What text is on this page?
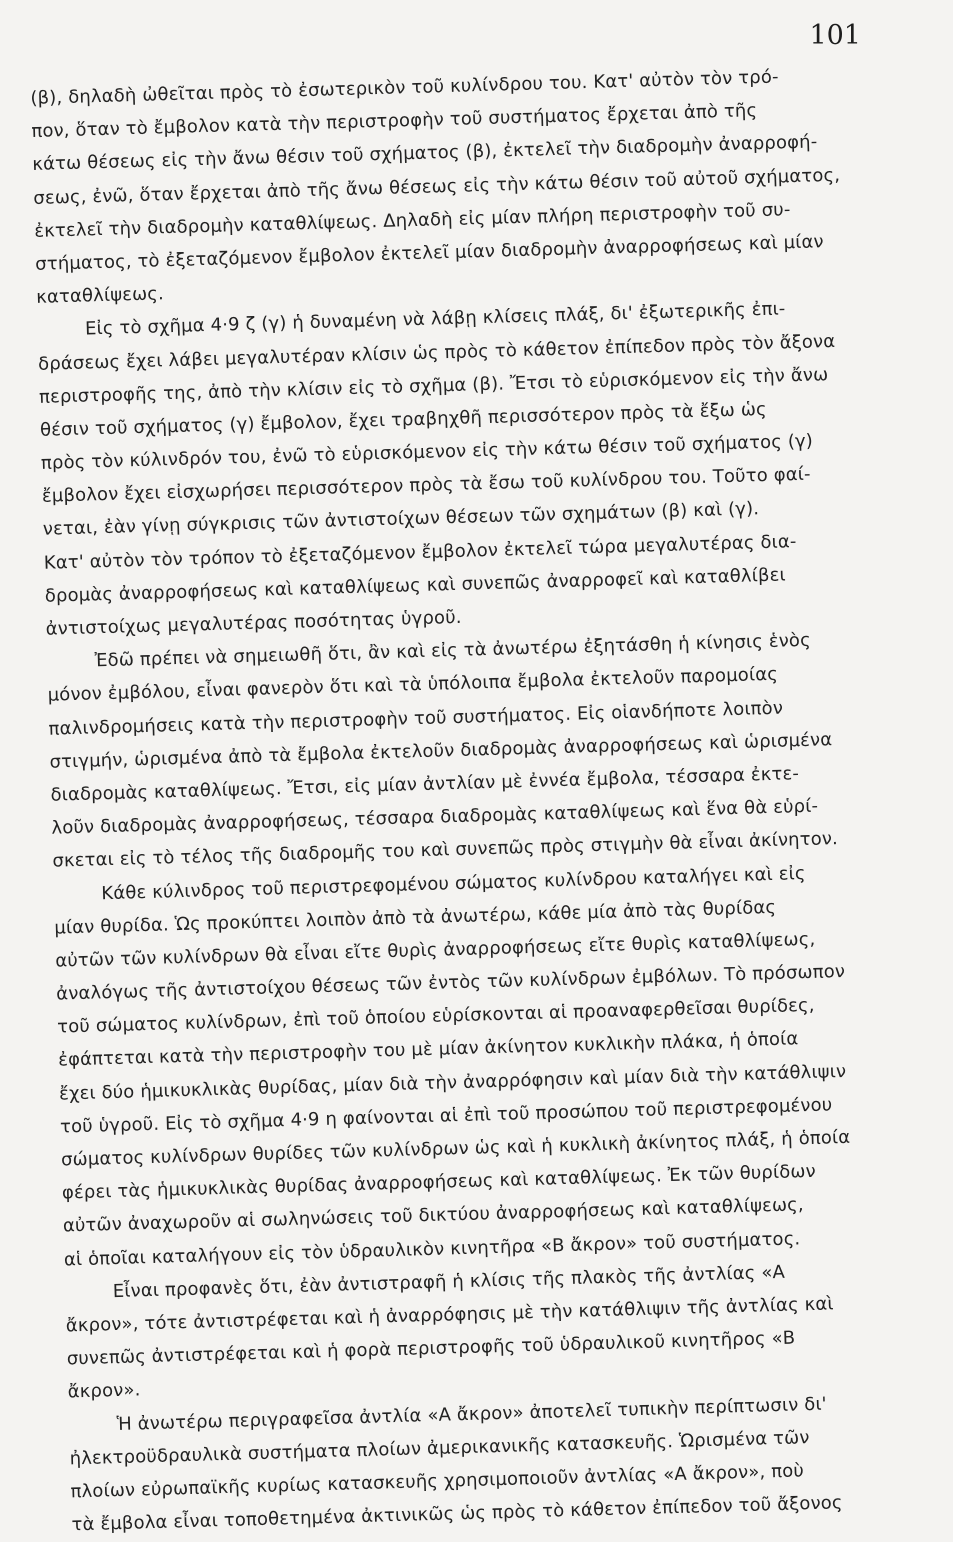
101
(β), δηλαδὴ ὠθεῖται πρὸς τὸ ἐσωτερικὸν τοῦ κυλίνδρου του. Κατ' αὐτὸν τὸν τρό-
πον, ὅταν τὸ ἔμβολον κατὰ τὴν περιστροφὴν τοῦ συστήματος ἔρχεται ἀπὸ τῆς
κάτω θέσεως εἰς τὴν ἄνω θέσιν τοῦ σχήματος (β), ἐκτελεῖ τὴν διαδρομὴν ἀναρροφή-
σεως, ἐνῶ, ὅταν ἔρχεται ἀπὸ τῆς ἄνω θέσεως εἰς τὴν κάτω θέσιν τοῦ αὐτοῦ σχήματος,
ἐκτελεῖ τὴν διαδρομὴν καταθλίψεως. Δηλαδὴ εἰς μίαν πλήρη περιστροφὴν τοῦ συ-
στήματος, τὸ ἐξεταζόμενον ἔμβολον ἐκτελεῖ μίαν διαδρομὴν ἀναρροφήσεως καὶ μίαν
καταθλίψεως.
Εἰς τὸ σχῆμα 4·9 ζ (γ) ἡ δυναμένη νὰ λάβῃ κλίσεις πλάξ, δι' ἐξωτερικῆς ἐπι-
δράσεως ἔχει λάβει μεγαλυτέραν κλίσιν ὡς πρὸς τὸ κάθετον ἐπίπεδον πρὸς τὸν ἄξονα
περιστροφῆς της, ἀπὸ τὴν κλίσιν εἰς τὸ σχῆμα (β). Ἔτσι τὸ εὑρισκόμενον εἰς τὴν ἄνω
θέσιν τοῦ σχήματος (γ) ἔμβολον, ἔχει τραβηχθῆ περισσότερον πρὸς τὰ ἔξω ὡς
πρὸς τὸν κύλινδρόν του, ἐνῶ τὸ εὑρισκόμενον εἰς τὴν κάτω θέσιν τοῦ σχήματος (γ)
ἔμβολον ἔχει εἰσχωρήσει περισσότερον πρὸς τὰ ἔσω τοῦ κυλίνδρου του. Τοῦτο φαί-
νεται, ἐὰν γίνῃ σύγκρισις τῶν ἀντιστοίχων θέσεων τῶν σχημάτων (β) καὶ (γ).
Κατ' αὐτὸν τὸν τρόπον τὸ ἐξεταζόμενον ἔμβολον ἐκτελεῖ τώρα μεγαλυτέρας δια-
δρομὰς ἀναρροφήσεως καὶ καταθλίψεως καὶ συνεπῶς ἀναρροφεῖ καὶ καταθλίβει
ἀντιστοίχως μεγαλυτέρας ποσότητας ὑγροῦ.
Ἐδῶ πρέπει νὰ σημειωθῆ ὅτι, ἂν καὶ εἰς τὰ ἀνωτέρω ἐξητάσθη ἡ κίνησις ἑνὸς
μόνον ἐμβόλου, εἶναι φανερὸν ὅτι καὶ τὰ ὑπόλοιπα ἔμβολα ἐκτελοῦν παρομοίας
παλινδρομήσεις κατὰ τὴν περιστροφὴν τοῦ συστήματος. Εἰς οἱανδήποτε λοιπὸν
στιγμήν, ὡρισμένα ἀπὸ τὰ ἔμβολα ἐκτελοῦν διαδρομὰς ἀναρροφήσεως καὶ ὡρισμένα
διαδρομὰς καταθλίψεως. Ἔτσι, εἰς μίαν ἀντλίαν μὲ ἐννέα ἔμβολα, τέσσαρα ἐκτε-
λοῦν διαδρομὰς ἀναρροφήσεως, τέσσαρα διαδρομὰς καταθλίψεως καὶ ἕνα θὰ εὑρί-
σκεται εἰς τὸ τέλος τῆς διαδρομῆς του καὶ συνεπῶς πρὸς στιγμὴν θὰ εἶναι ἀκίνητον.
Κάθε κύλινδρος τοῦ περιστρεφομένου σώματος κυλίνδρου καταλήγει καὶ εἰς
μίαν θυρίδα. Ὡς προκύπτει λοιπὸν ἀπὸ τὰ ἀνωτέρω, κάθε μία ἀπὸ τὰς θυρίδας
αὐτῶν τῶν κυλίνδρων θὰ εἶναι εἴτε θυρὶς ἀναρροφήσεως εἴτε θυρὶς καταθλίψεως,
ἀναλόγως τῆς ἀντιστοίχου θέσεως τῶν ἐντὸς τῶν κυλίνδρων ἐμβόλων. Τὸ πρόσωπον
τοῦ σώματος κυλίνδρων, ἐπὶ τοῦ ὁποίου εὑρίσκονται αἱ προαναφερθεῖσαι θυρίδες,
ἐφάπτεται κατὰ τὴν περιστροφὴν του μὲ μίαν ἀκίνητον κυκλικὴν πλάκα, ἡ ὁποία
ἔχει δύο ἡμικυκλικὰς θυρίδας, μίαν διὰ τὴν ἀναρρόφησιν καὶ μίαν διὰ τὴν κατάθλιψιν
τοῦ ὑγροῦ. Εἰς τὸ σχῆμα 4·9 η φαίνονται αἱ ἐπὶ τοῦ προσώπου τοῦ περιστρεφομένου
σώματος κυλίνδρων θυρίδες τῶν κυλίνδρων ὡς καὶ ἡ κυκλικὴ ἀκίνητος πλάξ, ἡ ὁποία
φέρει τὰς ἡμικυκλικὰς θυρίδας ἀναρροφήσεως καὶ καταθλίψεως. Ἐκ τῶν θυρίδων
αὐτῶν ἀναχωροῦν αἱ σωληνώσεις τοῦ δικτύου ἀναρροφήσεως καὶ καταθλίψεως,
αἱ ὁποῖαι καταλήγουν εἰς τὸν ὑδραυλικὸν κινητῆρα «Β ἄκρον» τοῦ συστήματος.
Εἶναι προφανὲς ὅτι, ἐὰν ἀντιστραφῆ ἡ κλίσις τῆς πλακὸς τῆς ἀντλίας «Α
ἄκρον», τότε ἀντιστρέφεται καὶ ἡ ἀναρρόφησις μὲ τὴν κατάθλιψιν τῆς ἀντλίας καὶ
συνεπῶς ἀντιστρέφεται καὶ ἡ φορὰ περιστροφῆς τοῦ ὑδραυλικοῦ κινητῆρος «Β
ἄκρον».
Ἡ ἀνωτέρω περιγραφεῖσα ἀντλία «Α ἄκρον» ἀποτελεῖ τυπικὴν περίπτωσιν δι'
ἠλεκτροϋδραυλικὰ συστήματα πλοίων ἀμερικανικῆς κατασκευῆς. Ὡρισμένα τῶν
πλοίων εὐρωπαϊκῆς κυρίως κατασκευῆς χρησιμοποιοῦν ἀντλίας «Α ἄκρον», ποὺ
τὰ ἔμβολα εἶναι τοποθετημένα ἀκτινικῶς ὡς πρὸς τὸ κάθετον ἐπίπεδον τοῦ ἄξονος
